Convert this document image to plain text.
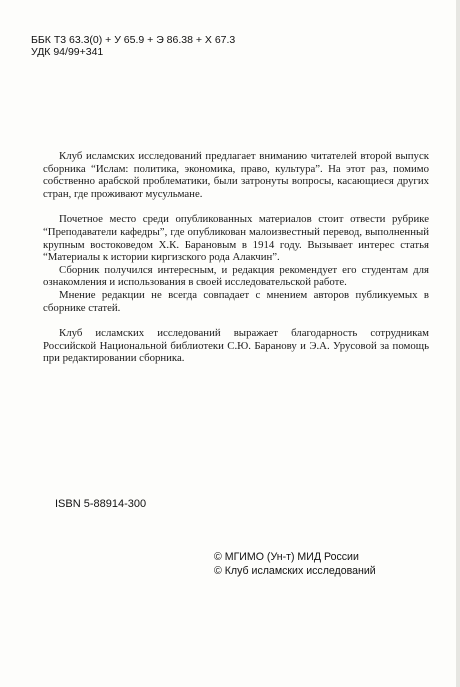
ББК Т3 63.3(0) + У 65.9 + Э 86.38 + Х 67.3
УДК 94/99+341

Клуб исламских исследований предлагает вниманию читателей второй выпуск сборника “Ислам: политика, экономика, право, культура”. На этот раз, помимо собственно арабской проблематики, были затронуты вопросы, касающиеся других стран, где проживают мусульмане.

Почетное место среди опубликованных материалов стоит отвести рубрике “Преподаватели кафедры”, где опубликован малоизвестный перевод, выполненный крупным востоковедом Х.К. Барановым в 1914 году. Вызывает интерес статья “Материалы к истории киргизского рода Алакчин”.

Сборник получился интересным, и редакция рекомендует его студентам для ознакомления и использования в своей исследовательской работе.

Мнение редакции не всегда совпадает с мнением авторов публикуемых в сборнике статей.

Клуб исламских исследований выражает благодарность сотрудникам Российской Национальной библиотеки С.Ю. Баранову и Э.А. Урусовой за помощь при редактировании сборника.

ISBN 5-88914-300
© МГИМО (Ун-т) МИД России
© Клуб исламских исследований
